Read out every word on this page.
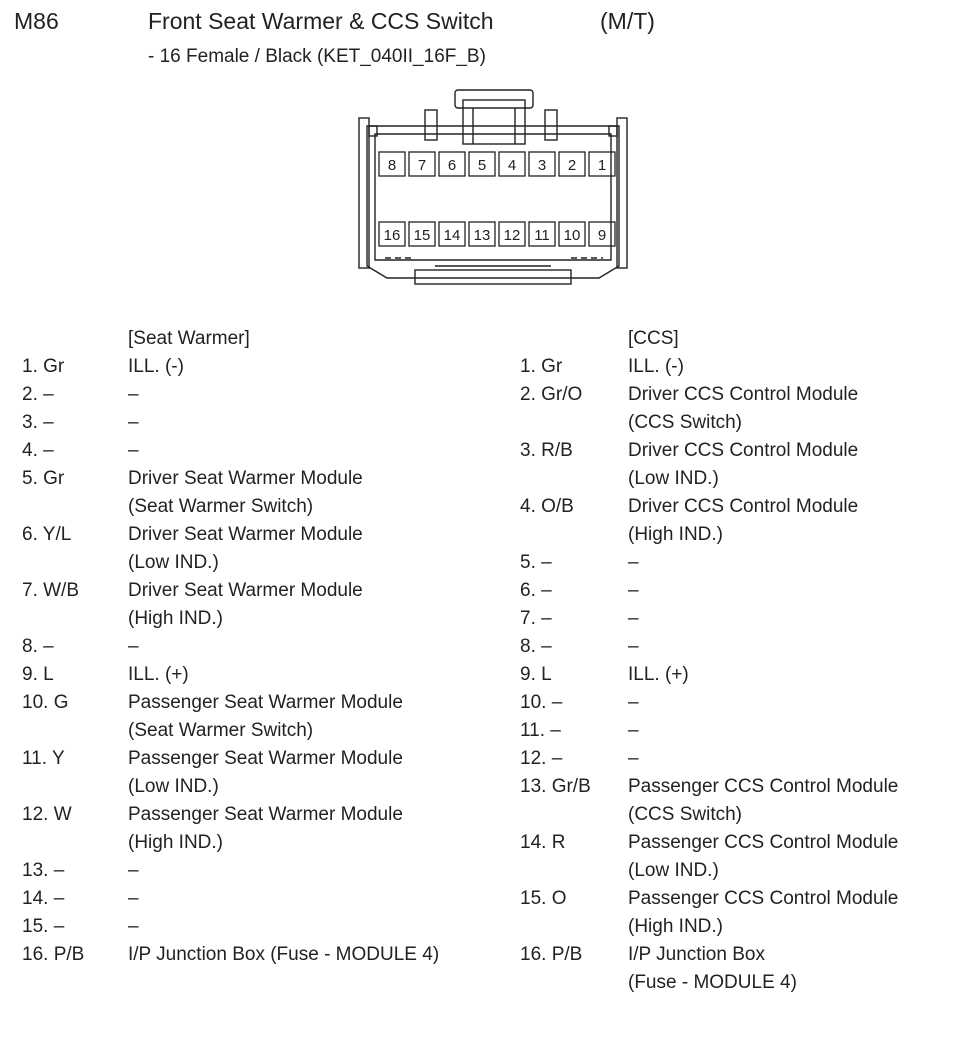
M86	Front Seat Warmer & CCS Switch	(M/T)
- 16 Female / Black (KET_040II_16F_B)
8 7 6 5 4 3 2 1
16 15 14 13 12 11 10 9
[Seat Warmer]
1. Gr	ILL. (-)
2. –	–
3. –	–
4. –	–
5. Gr	Driver Seat Warmer Module
(Seat Warmer Switch)
6. Y/L	Driver Seat Warmer Module
(Low IND.)
7. W/B	Driver Seat Warmer Module
(High IND.)
8. –	–
9. L	ILL. (+)
10. G	Passenger Seat Warmer Module
(Seat Warmer Switch)
11. Y	Passenger Seat Warmer Module
(Low IND.)
12. W	Passenger Seat Warmer Module
(High IND.)
13. –	–
14. –	–
15. –	–
16. P/B I/P Junction Box (Fuse - MODULE 4)
[CCS]
1. Gr	ILL. (-)
2. Gr/O Driver CCS Control Module
(CCS Switch)
3. R/B	Driver CCS Control Module
(Low IND.)
4. O/B	Driver CCS Control Module
(High IND.)
5. –	–
6. –	–
7. –	–
8. –	–
9. L	ILL. (+)
10. –	–
11. –	–
12. –	–
13. Gr/B Passenger CCS Control Module
(CCS Switch)
14. R	Passenger CCS Control Module
(Low IND.)
15. O	Passenger CCS Control Module
(High IND.)
16. P/B I/P Junction Box
(Fuse - MODULE 4)
